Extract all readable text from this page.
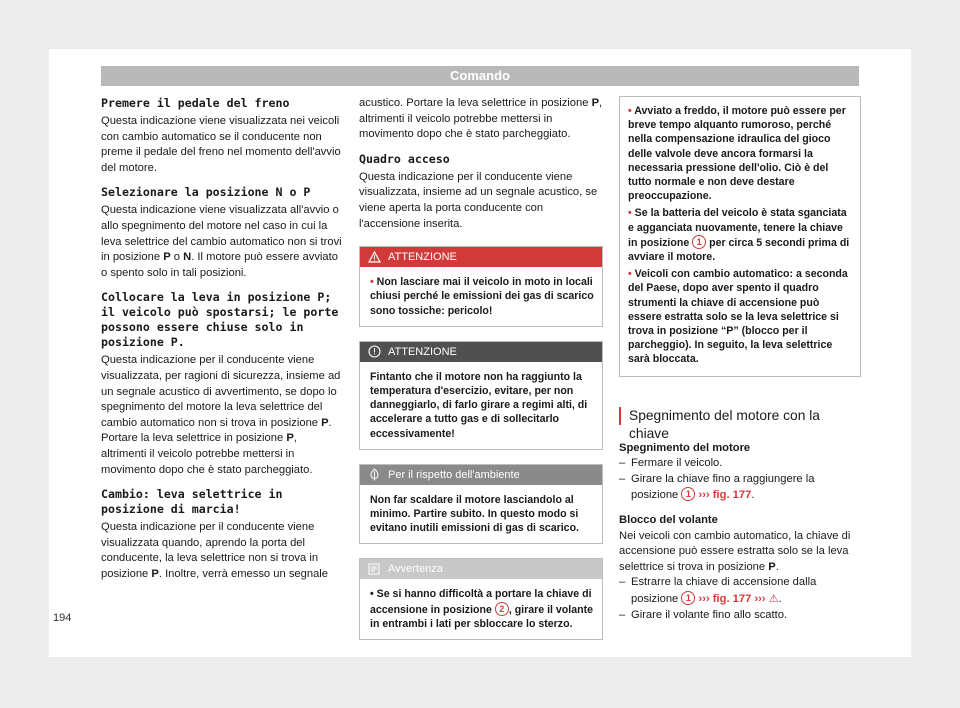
Comando
Premere il pedale del freno

Questa indicazione viene visualizzata nei veicoli con cambio automatico se il conducente non preme il pedale del freno nel momento dell'avvio del motore.

Selezionare la posizione N o P

Questa indicazione viene visualizzata all'avvio o allo spegnimento del motore nel caso in cui la leva selettrice del cambio automatico non si trovi in posizione P o N. Il motore può essere avviato o spento solo in tali posizioni.

Collocare la leva in posizione P; il veicolo può spostarsi; le porte possono essere chiuse solo in posizione P.

Questa indicazione per il conducente viene visualizzata, per ragioni di sicurezza, insieme ad un segnale acustico di avvertimento, se dopo lo spegnimento del motore la leva selettrice del cambio automatico non si trova in posizione P. Portare la leva selettrice in posizione P, altrimenti il veicolo potrebbe mettersi in movimento dopo che è stato parcheggiato.

Cambio: leva selettrice in posizione di marcia!

Questa indicazione per il conducente viene visualizzata quando, aprendo la porta del conducente, la leva selettrice non si trova in posizione P. Inoltre, verrà emesso un segnale

acustico. Portare la leva selettrice in posizione P, altrimenti il veicolo potrebbe mettersi in movimento dopo che è stato parcheggiato.

Quadro acceso

Questa indicazione per il conducente viene visualizzata, insieme ad un segnale acustico, se viene aperta la porta conducente con l'accensione inserita.

ATTENZIONE
• Non lasciare mai il veicolo in moto in locali chiusi perché le emissioni dei gas di scarico sono tossiche: pericolo!
ATTENZIONE
Fintanto che il motore non ha raggiunto la temperatura d'esercizio, evitare, per non danneggiarlo, di farlo girare a regimi alti, di accelerare a tutto gas e di sollecitarlo eccessivamente!
Per il rispetto dell'ambiente
Non far scaldare il motore lasciandolo al minimo. Partire subito. In questo modo si evitano inutili emissioni di gas di scarico.
Avvertenza
• Se si hanno difficoltà a portare la chiave di accensione in posizione 2 , girare il volante in entrambi i lati per sbloccare lo sterzo.

• Avviato a freddo, il motore può essere per breve tempo alquanto rumoroso, perché nella compensazione idraulica del gioco delle valvole deve ancora formarsi la necessaria pressione dell'olio. Ciò è del tutto normale e non deve destare preoccupazione.

• Se la batteria del veicolo è stata sganciata e agganciata nuovamente, tenere la chiave in posizione 1 per circa 5 secondi prima di avviare il motore.

• Veicoli con cambio automatico: a seconda del Paese, dopo aver spento il quadro strumenti la chiave di accensione può essere estratta solo se la leva selettrice si trova in posizione “P” (blocco per il parcheggio). In seguito, la leva selettrice sarà bloccata.

Spegnimento del motore con la chiave
Spegnimento del motore
– Fermare il veicolo.
– Girare la chiave fino a raggiungere la posizione 1 ››› fig. 177.
Blocco del volante

Nei veicoli con cambio automatico, la chiave di accensione può essere estratta solo se la leva selettrice si trova in posizione P.

– Estrarre la chiave di accensione dalla posizione 1 ››› fig. 177 ››› ⚠.
– Girare il volante fino allo scatto.
194
